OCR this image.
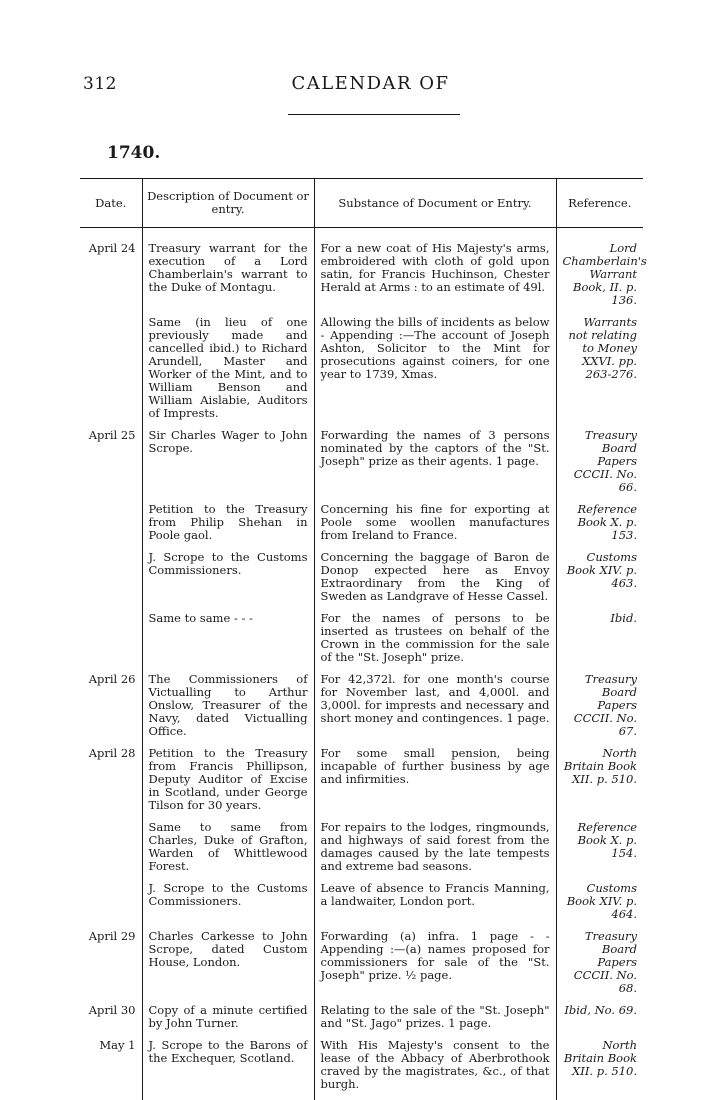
312	CALENDAR OF
1740.
Date.	Description of Document or entry.	Substance of Document or Entry.	Reference.

April 24	Treasury warrant for the execution of a Lord Chamberlain's warrant to the Duke of Montagu.	For a new coat of His Majesty's arms, embroidered with cloth of gold upon satin, for Francis Huchinson, Chester Herald at Arms : to an estimate of 49l.	Lord Chamberlain's Warrant Book, II. p. 136.
	Same (in lieu of one previously made and cancelled ibid.) to Richard Arundell, Master and Worker of the Mint, and to William Benson and William Aislabie, Auditors of Imprests.	Allowing the bills of incidents as below - Appending :—The account of Joseph Ashton, Solicitor to the Mint for prosecutions against coiners, for one year to 1739, Xmas.	Warrants not relating to Money XXVI. pp. 263-276.
April 25	Sir Charles Wager to John Scrope.	Forwarding the names of 3 persons nominated by the captors of the "St. Joseph" prize as their agents. 1 page.	Treasury Board Papers CCCII. No. 66.
	Petition to the Treasury from Philip Shehan in Poole gaol.	Concerning his fine for exporting at Poole some woollen manufactures from Ireland to France.	Reference Book X. p. 153.
	J. Scrope to the Customs Commissioners.	Concerning the baggage of Baron de Donop expected here as Envoy Extraordinary from the King of Sweden as Landgrave of Hesse Cassel.	Customs Book XIV. p. 463.
	Same to same - - -	For the names of persons to be inserted as trustees on behalf of the Crown in the commission for the sale of the "St. Joseph" prize.	Ibid.
April 26	The Commissioners of Victualling to Arthur Onslow, Treasurer of the Navy, dated Victualling Office.	For 42,372l. for one month's course for November last, and 4,000l. and 3,000l. for imprests and necessary and short money and contingences. 1 page.	Treasury Board Papers CCCII. No. 67.
April 28	Petition to the Treasury from Francis Phillipson, Deputy Auditor of Excise in Scotland, under George Tilson for 30 years.	For some small pension, being incapable of further business by age and infirmities.	North Britain Book XII. p. 510.
	Same to same from Charles, Duke of Grafton, Warden of Whittlewood Forest.	For repairs to the lodges, ringmounds, and highways of said forest from the damages caused by the late tempests and extreme bad seasons.	Reference Book X. p. 154.
	J. Scrope to the Customs Commissioners.	Leave of absence to Francis Manning, a landwaiter, London port.	Customs Book XIV. p. 464.
April 29	Charles Carkesse to John Scrope, dated Custom House, London.	Forwarding (a) infra. 1 page - - Appending :—(a) names proposed for commissioners for sale of the "St. Joseph" prize. ½ page.	Treasury Board Papers CCCII. No. 68.
April 30	Copy of a minute certified by John Turner.	Relating to the sale of the "St. Joseph" and "St. Jago" prizes. 1 page.	Ibid, No. 69.
May 1	J. Scrope to the Barons of the Exchequer, Scotland.	With His Majesty's consent to the lease of the Abbacy of Aberbrothook craved by the magistrates, &c., of that burgh.	North Britain Book XII. p. 510.
